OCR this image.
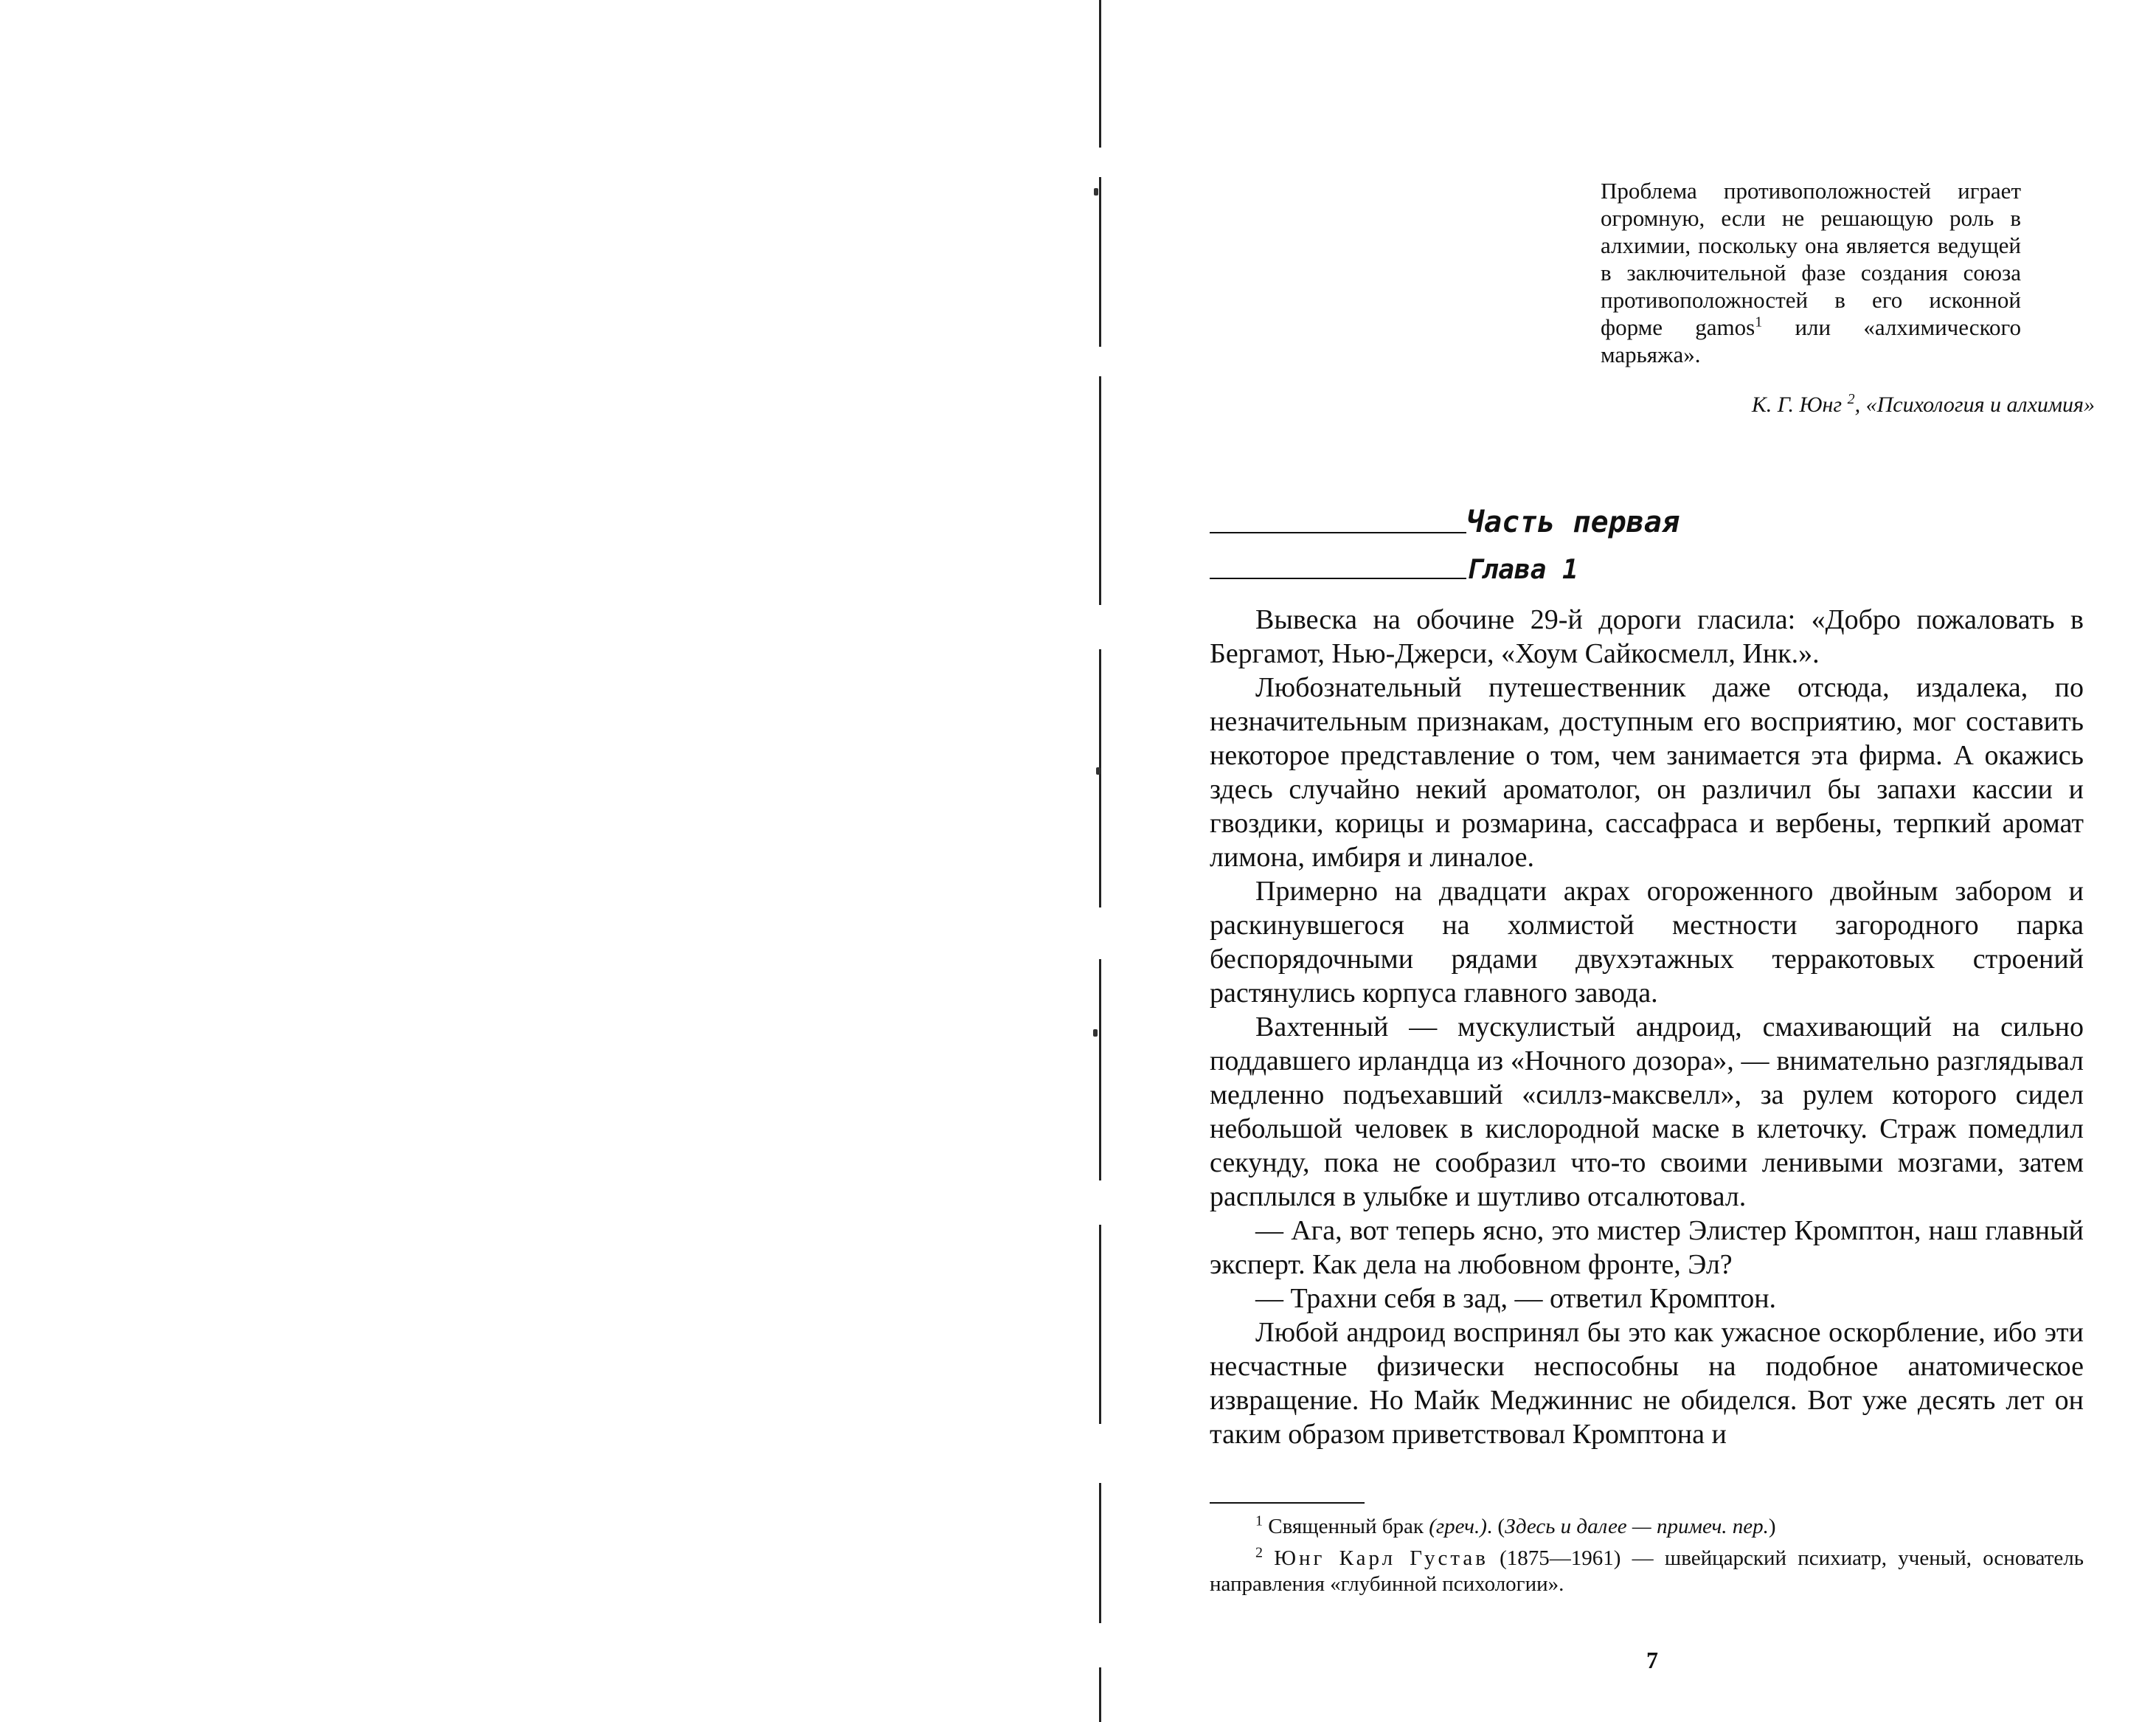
Проблема противоположностей играет огромную, если не решающую роль в алхимии, поскольку она является ведущей в заключительной фазе создания союза противоположностей в его исконной форме gamos$^1$ или «алхимического марьяжа».

К. Г. Юнг $^2$, «Психология и алхимия»
Часть первая
Глава 1

Вывеска на обочине 29-й дороги гласила: «Добро пожаловать в Бергамот, Нью-Джерси, «Хоум Сайкосмелл, Инк.».

Любознательный путешественник даже отсюда, издалека, по незначительным признакам, доступным его восприятию, мог составить некоторое представление о том, чем занимается эта фирма. А окажись здесь случайно некий ароматолог, он различил бы запахи кассии и гвоздики, корицы и розмарина, сассафраса и вербены, терпкий аромат лимона, имбиря и линалое.

Примерно на двадцати акрах огороженного двойным забором и раскинувшегося на холмистой местности загородного парка беспорядочными рядами двухэтажных терракотовых строений растянулись корпуса главного завода.

Вахтенный — мускулистый андроид, смахивающий на сильно поддавшего ирландца из «Ночного дозора», — внимательно разглядывал медленно подъехавший «силлз-максвелл», за рулем которого сидел небольшой человек в кислородной маске в клеточку. Страж помедлил секунду, пока не сообразил что-то своими ленивыми мозгами, затем расплылся в улыбке и шутливо отсалютовал.

— Ага, вот теперь ясно, это мистер Элистер Кромптон, наш главный эксперт. Как дела на любовном фронте, Эл?

— Трахни себя в зад, — ответил Кромптон.

Любой андроид воспринял бы это как ужасное оскорбление, ибо эти несчастные физически неспособны на подобное анатомическое извращение. Но Майк Меджиннис не обиделся. Вот уже десять лет он таким образом приветствовал Кромптона и

$^1$ Священный брак (греч.). (Здесь и далее — примеч. пер.)

$^2$ Юнг Карл Густав (1875—1961) — швейцарский психиатр, ученый, основатель направления «глубинной психологии».

7
